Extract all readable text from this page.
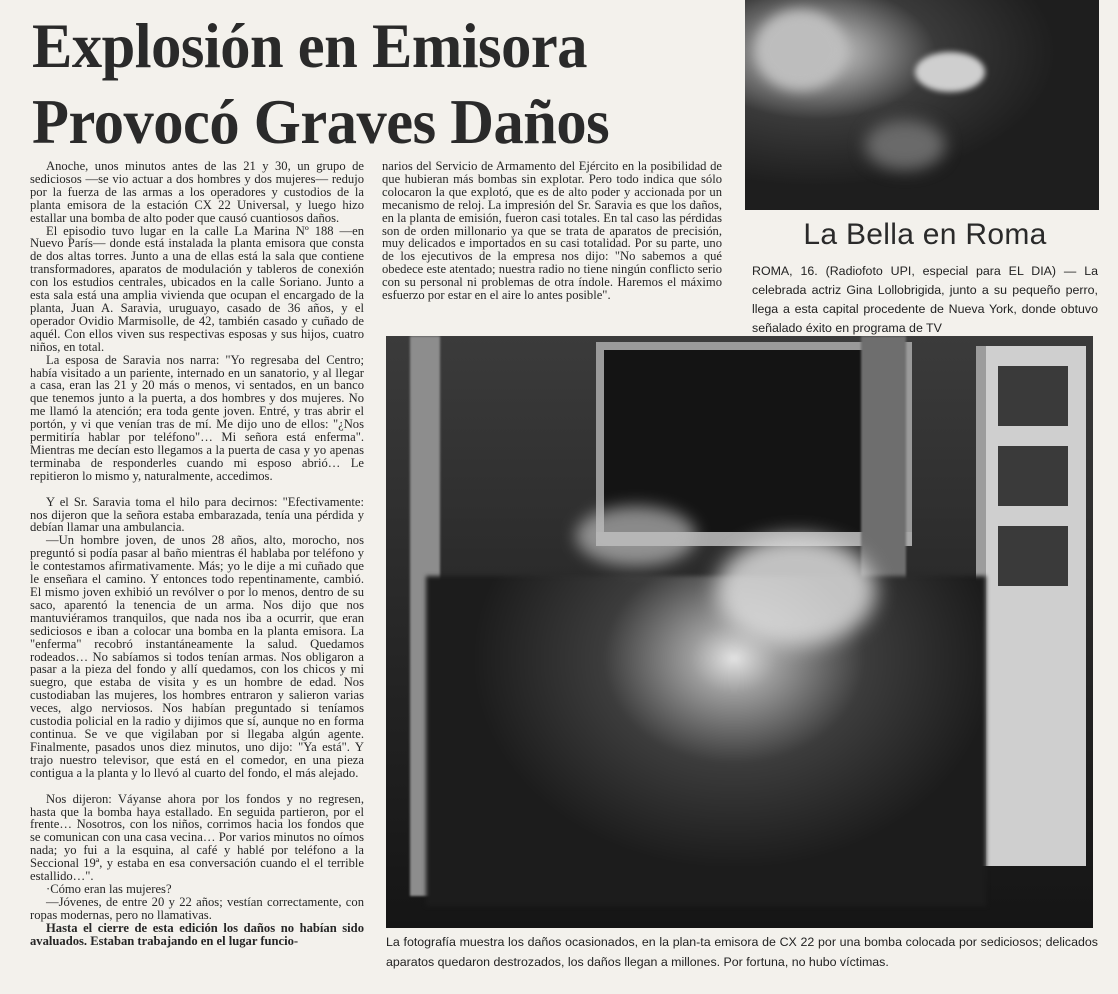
Explosión en Emisora
Provocó Graves Daños

Anoche, unos minutos antes de las 21 y 30, un grupo de sediciosos —se vio actuar a dos hombres y dos mujeres— redujo por la fuerza de las armas a los operadores y custodios de la planta emisora de la estación CX 22 Universal, y luego hizo estallar una bomba de alto poder que causó cuantiosos daños.

El episodio tuvo lugar en la calle La Marina Nº 188 —en Nuevo París— donde está instalada la planta emisora que consta de dos altas torres. Junto a una de ellas está la sala que contiene transformadores, aparatos de modulación y tableros de conexión con los estudios centrales, ubicados en la calle Soriano. Junto a esta sala está una amplia vivienda que ocupan el encargado de la planta, Juan A. Saravia, uruguayo, casado de 36 años, y el operador Ovidio Marmisolle, de 42, también casado y cuñado de aquél. Con ellos viven sus respectivas esposas y sus hijos, cuatro niños, en total.

La esposa de Saravia nos narra: "Yo regresaba del Centro; había visitado a un pariente, internado en un sanatorio, y al llegar a casa, eran las 21 y 20 más o menos, vi sentados, en un banco que tenemos junto a la puerta, a dos hombres y dos mujeres. No me llamó la atención; era toda gente joven. Entré, y tras abrir el portón, y vi que venían tras de mí. Me dijo uno de ellos: "¿Nos permitiría hablar por teléfono"… Mi señora está enferma". Mientras me decían esto llegamos a la puerta de casa y yo apenas terminaba de responderles cuando mi esposo abrió… Le repitieron lo mismo y, naturalmente, accedimos.

Y el Sr. Saravia toma el hilo para decirnos: "Efectivamente: nos dijeron que la señora estaba embarazada, tenía una pérdida y debían llamar una ambulancia.

—Un hombre joven, de unos 28 años, alto, morocho, nos preguntó si podía pasar al baño mientras él hablaba por teléfono y le contestamos afirmativamente. Más; yo le dije a mi cuñado que le enseñara el camino. Y entonces todo repentinamente, cambió. El mismo joven exhibió un revólver o por lo menos, dentro de su saco, aparentó la tenencia de un arma. Nos dijo que nos mantuviéramos tranquilos, que nada nos iba a ocurrir, que eran sediciosos e iban a colocar una bomba en la planta emisora. La "enferma" recobró instantáneamente la salud. Quedamos rodeados… No sabíamos si todos tenían armas. Nos obligaron a pasar a la pieza del fondo y allí quedamos, con los chicos y mi suegro, que estaba de visita y es un hombre de edad. Nos custodiaban las mujeres, los hombres entraron y salieron varias veces, algo nerviosos. Nos habían preguntado si teníamos custodia policial en la radio y dijimos que sí, aunque no en forma continua. Se ve que vigilaban por si llegaba algún agente. Finalmente, pasados unos diez minutos, uno dijo: "Ya está". Y trajo nuestro televisor, que está en el comedor, en una pieza contigua a la planta y lo llevó al cuarto del fondo, el más alejado.

Nos dijeron: Váyanse ahora por los fondos y no regresen, hasta que la bomba haya estallado. En seguida partieron, por el frente… Nosotros, con los niños, corrimos hacia los fondos que se comunican con una casa vecina… Por varios minutos no oímos nada; yo fui a la esquina, al café y hablé por teléfono a la Seccional 19ª, y estaba en esa conversación cuando el el terrible estallido…".

·Cómo eran las mujeres?

—Jóvenes, de entre 20 y 22 años; vestían correctamente, con ropas modernas, pero no llamativas.

Hasta el cierre de esta edición los daños no habían sido avaluados. Estaban trabajando en el lugar funcio-

narios del Servicio de Armamento del Ejército en la posibilidad de que hubieran más bombas sin explotar. Pero todo indica que sólo colocaron la que explotó, que es de alto poder y accionada por un mecanismo de reloj. La impresión del Sr. Saravia es que los daños, en la planta de emisión, fueron casi totales. En tal caso las pérdidas son de orden millonario ya que se trata de aparatos de precisión, muy delicados e importados en su casi totalidad. Por su parte, uno de los ejecutivos de la empresa nos dijo: "No sabemos a qué obedece este atentado; nuestra radio no tiene ningún conflicto serio con su personal ni problemas de otra índole. Haremos el máximo esfuerzo por estar en el aire lo antes posible".

La Bella en Roma
ROMA, 16. (Radiofoto UPI, especial para EL DIA) — La celebrada actriz Gina Lollobrigida, junto a su pequeño perro, llega a esta capital procedente de Nueva York, donde obtuvo señalado éxito en programa de TV
La fotografía muestra los daños ocasionados, en la plan-ta emisora de CX 22 por una bomba colocada por sediciosos; delicados aparatos quedaron destrozados, los daños llegan a millones. Por fortuna, no hubo víctimas.
